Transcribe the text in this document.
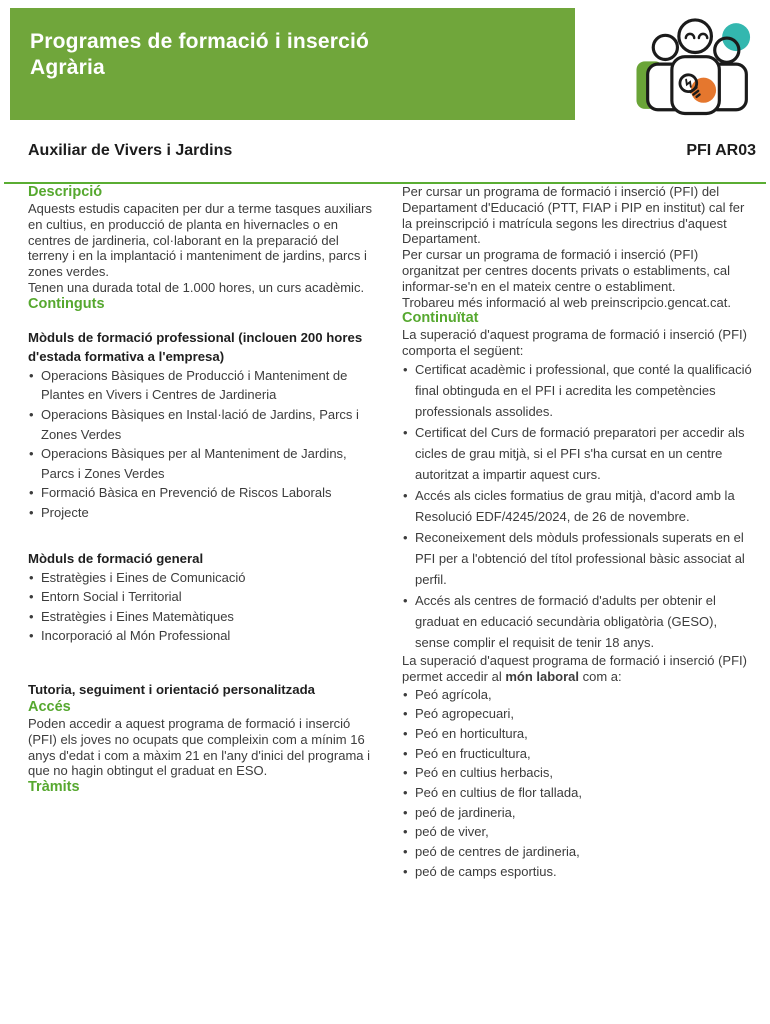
Programes de formació i inserció
Agrària
Auxiliar de Vivers i Jardins	PFI AR03
Descripció

Aquests estudis capaciten per dur a terme tasques auxiliars en cultius, en producció de planta en hivernacles o en centres de jardineria, col·laborant en la preparació del terreny i en la implantació i manteniment de jardins, parcs i zones verdes.

Tenen una durada total de 1.000 hores, un curs acadèmic.

Continguts

Mòduls de formació professional (inclouen 200 hores d'estada formativa a l'empresa)

• Operacions Bàsiques de Producció i Manteniment de Plantes en Vivers i Centres de Jardineria
• Operacions Bàsiques en Instal·lació de Jardins, Parcs i Zones Verdes
• Operacions Bàsiques per al Manteniment de Jardins, Parcs i Zones Verdes
• Formació Bàsica en Prevenció de Riscos Laborals
• Projecte

Mòduls de formació general

• Estratègies i Eines de Comunicació
• Entorn Social i Territorial
• Estratègies i Eines Matemàtiques
• Incorporació al Món Professional

Tutoria, seguiment i orientació personalitzada

Accés

Poden accedir a aquest programa de formació i inserció (PFI) els joves no ocupats que compleixin com a mínim 16 anys d'edat i com a màxim 21 en l'any d'inici del programa i que no hagin obtingut el graduat en ESO.

Tràmits

Per cursar un programa de formació i inserció (PFI) del Departament d'Educació (PTT, FIAP i PIP en institut) cal fer la preinscripció i matrícula segons les directrius d'aquest Departament.

Per cursar un programa de formació i inserció (PFI) organitzat per centres docents privats o establiments, cal informar-se'n en el mateix centre o establiment.

Trobareu més informació al web preinscripcio.gencat.cat.

Continuïtat

La superació d'aquest programa de formació i inserció (PFI) comporta el següent:

• Certificat acadèmic i professional, que conté la qualificació final obtinguda en el PFI i acredita les competències professionals assolides.
• Certificat del Curs de formació preparatori per accedir als cicles de grau mitjà, si el PFI s'ha cursat en un centre autoritzat a impartir aquest curs.
• Accés als cicles formatius de grau mitjà, d'acord amb la Resolució EDF/4245/2024, de 26 de novembre.
• Reconeixement dels mòduls professionals superats en el PFI per a l'obtenció del títol professional bàsic associat al perfil.
• Accés als centres de formació d'adults per obtenir el graduat en educació secundària obligatòria (GESO), sense complir el requisit de tenir 18 anys.

La superació d'aquest programa de formació i inserció (PFI) permet accedir al món laboral com a:

• Peó agrícola,
• Peó agropecuari,
• Peó en horticultura,
• Peó en fructicultura,
• Peó en cultius herbacis,
• Peó en cultius de flor tallada,
• peó de jardineria,
• peó de viver,
• peó de centres de jardineria,
• peó de camps esportius.
